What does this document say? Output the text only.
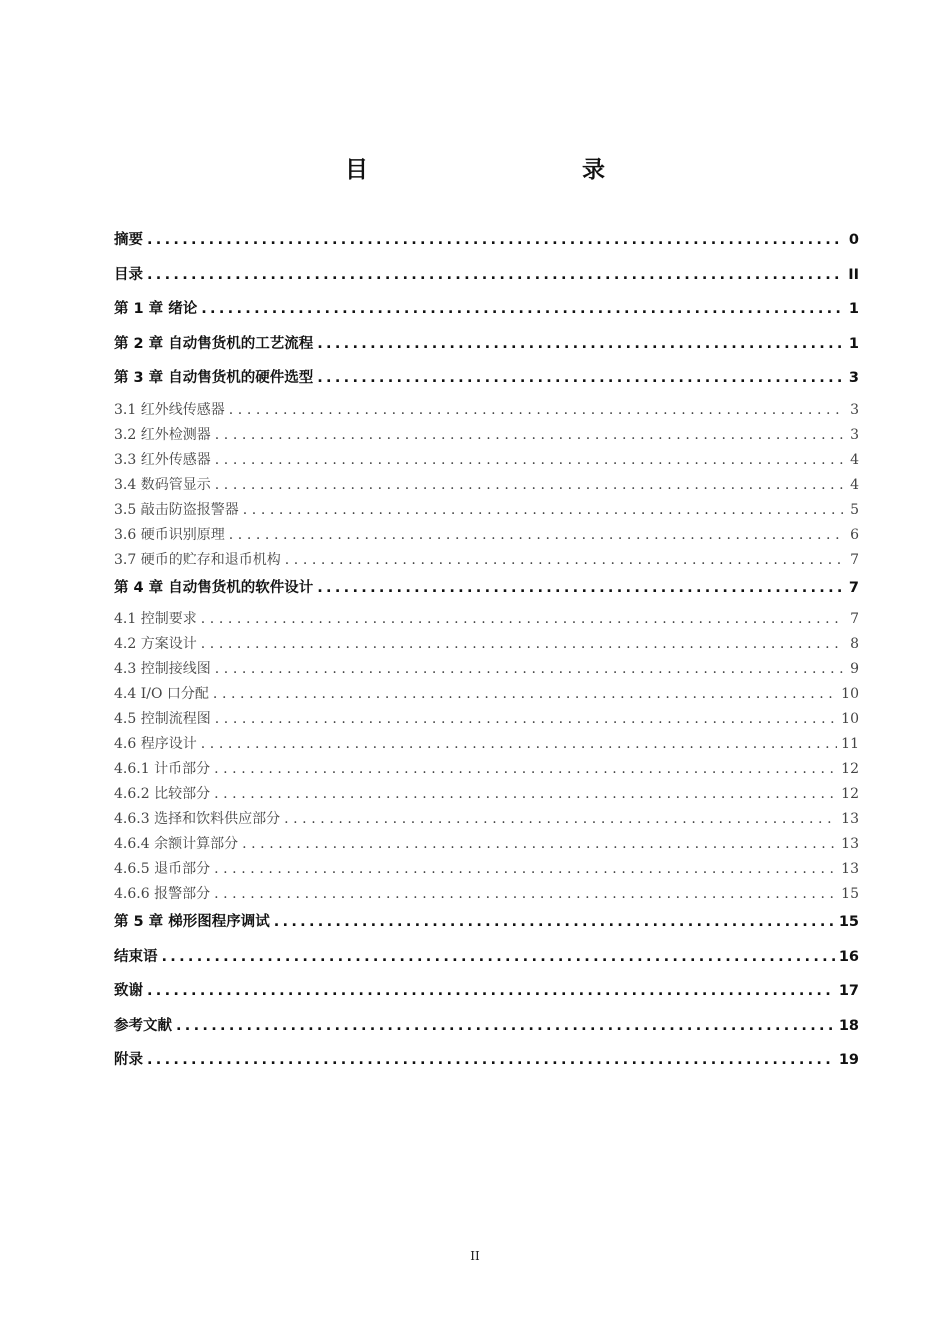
目　　录
摘要 .....	0
目录 .....	II
第 1 章 绪论 .....	1
第 2 章 自动售货机的工艺流程 .....	1
第 3 章 自动售货机的硬件选型 .....	3
3.1 红外线传感器 .....	3
3.2 红外检测器 .....	3
3.3 红外传感器 .....	4
3.4 数码管显示 .....	4
3.5 敲击防盗报警器 .....	5
3.6 硬币识别原理 .....	6
3.7 硬币的贮存和退币机构 .....	7
第 4 章 自动售货机的软件设计 .....	7
4.1 控制要求 .....	7
4.2 方案设计 .....	8
4.3 控制接线图 .....	9
4.4 I/O 口分配 .....	10
4.5 控制流程图 .....	10
4.6 程序设计 .....	11
4.6.1 计币部分 .....	12
4.6.2 比较部分 .....	12
4.6.3 选择和饮料供应部分 .....	13
4.6.4 余额计算部分 .....	13
4.6.5 退币部分 .....	13
4.6.6 报警部分 .....	15
第 5 章 梯形图程序调试 .....	15
结束语 .....	16
致谢 .....	17
参考文献 .....	18
附录 .....	19
II
